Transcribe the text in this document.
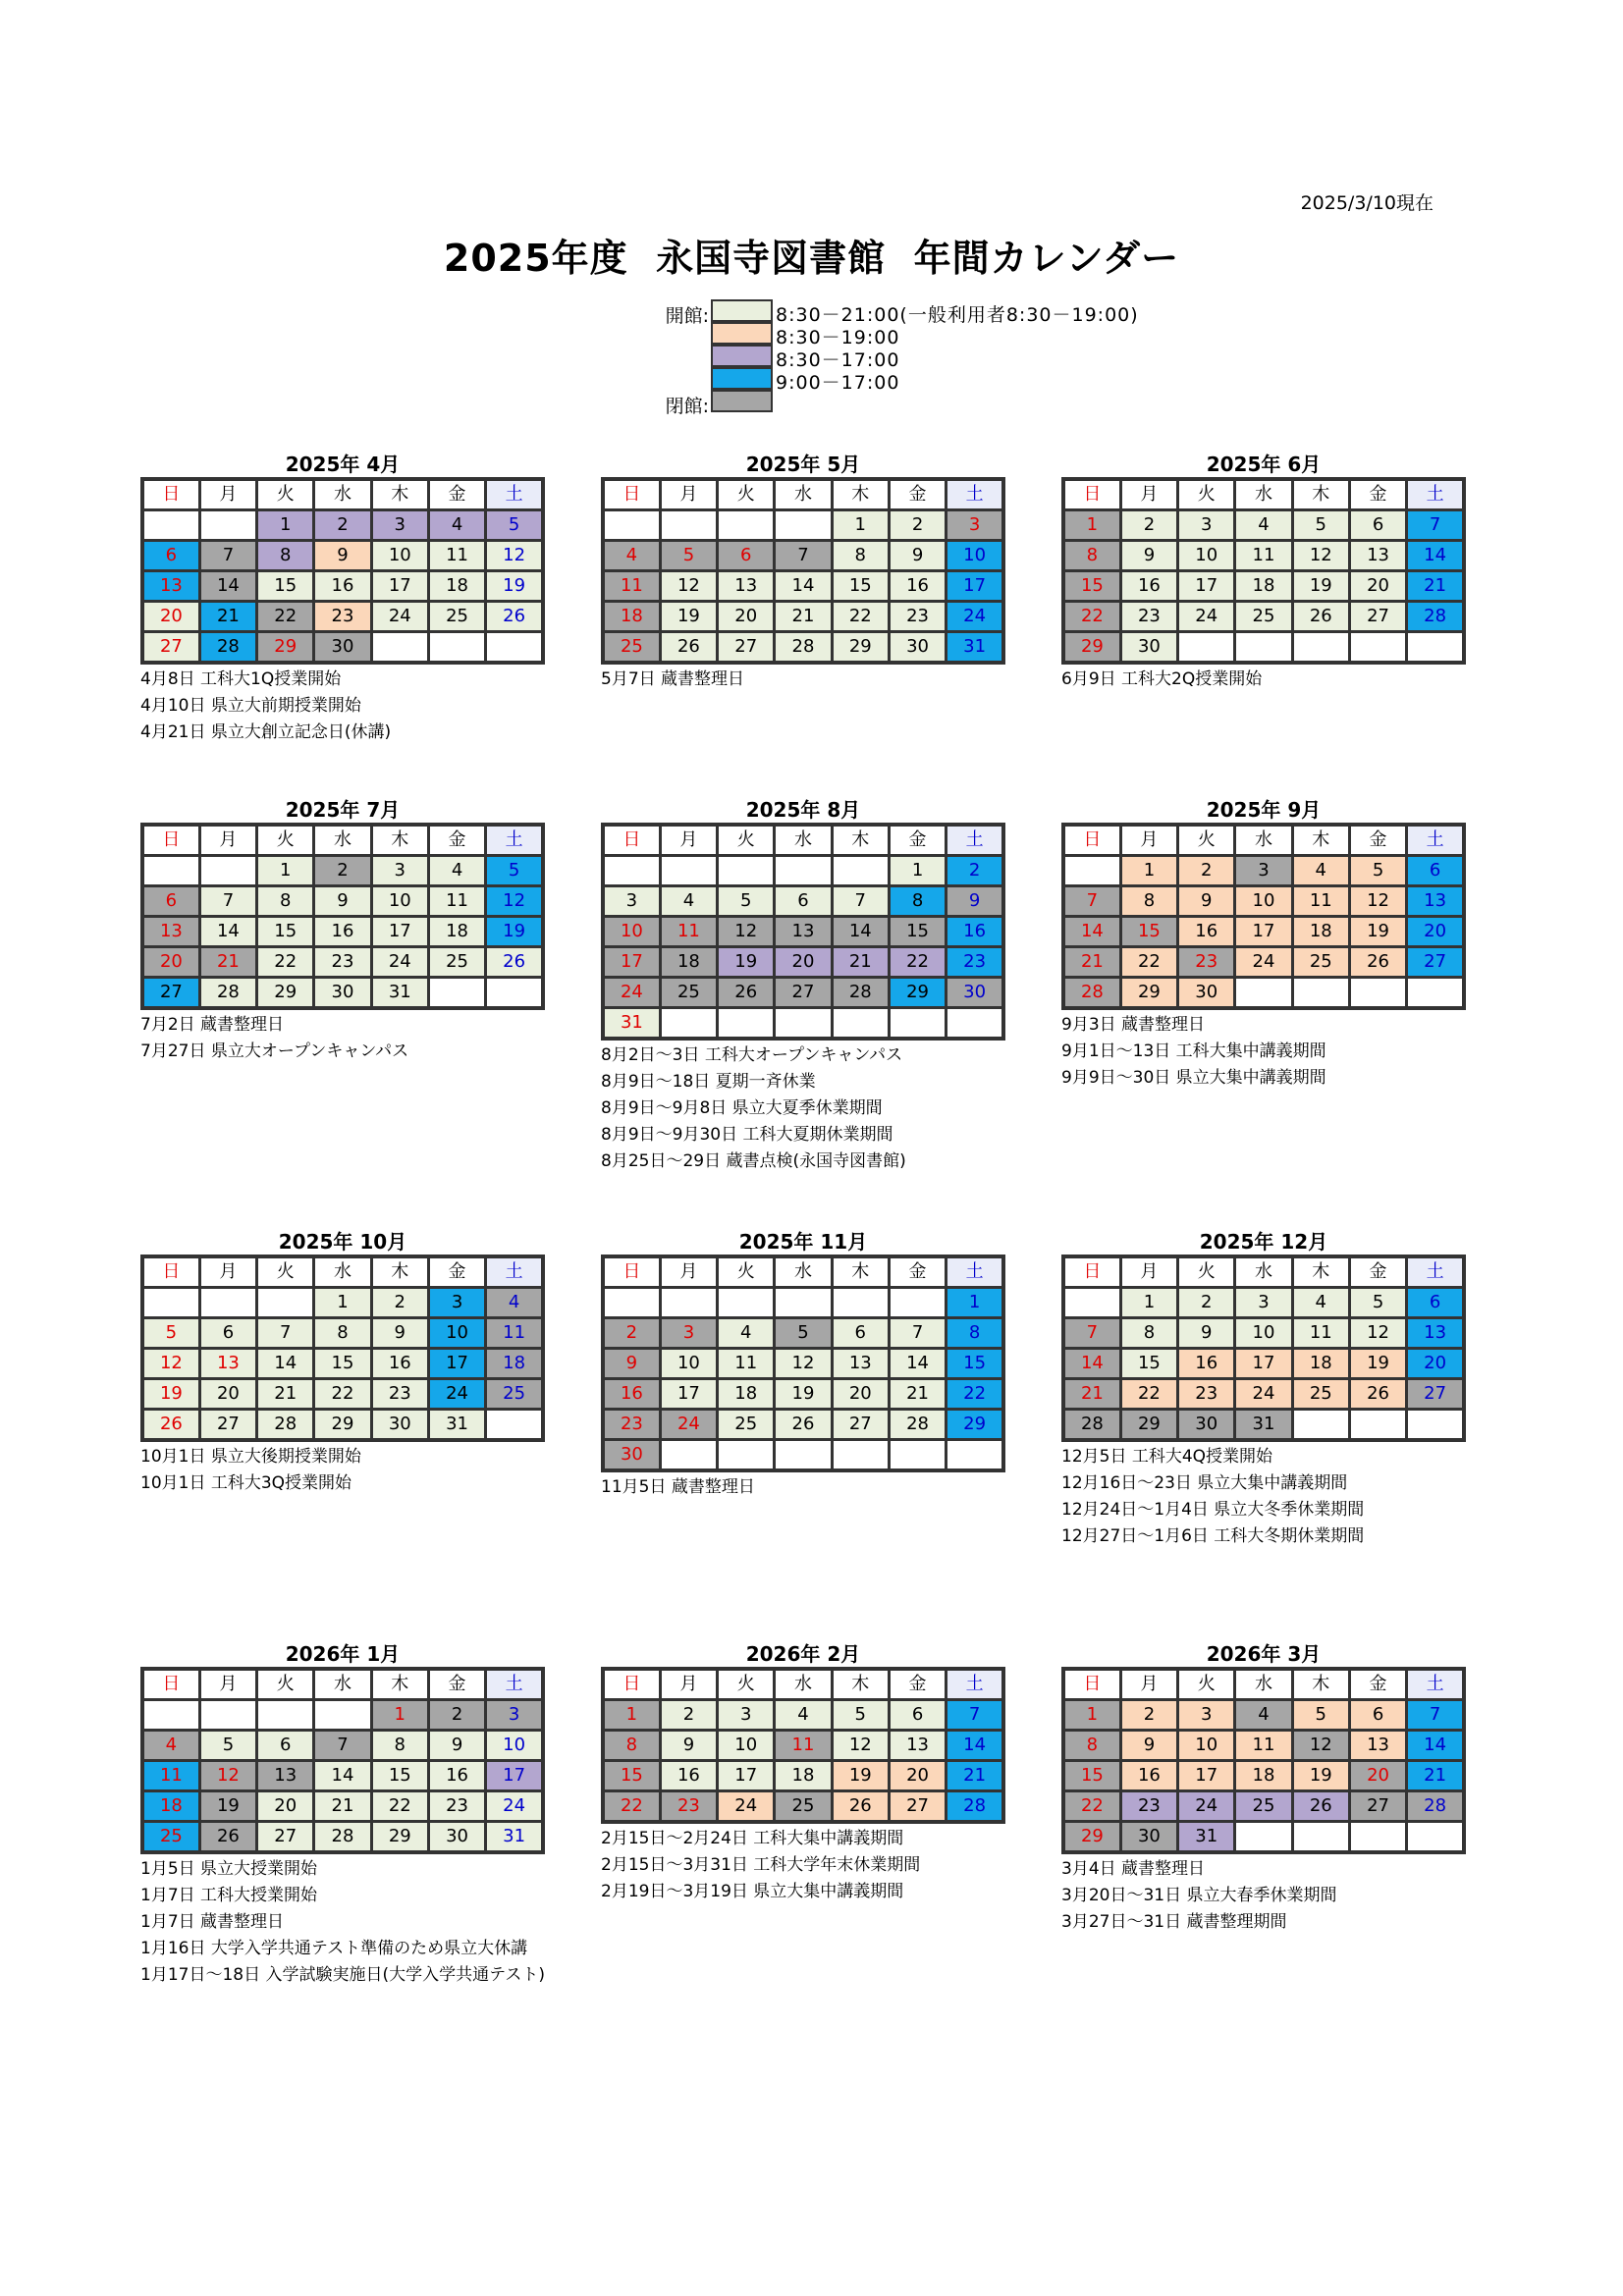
2025/3/10現在
2025年度  永国寺図書館  年間カレンダー
開館:	8:30－21:00(一般利用者8:30－19:00)
8:30－19:00
8:30－17:00
9:00－17:00
閉館:
2025年 4月
日	月	火	水	木	金	土
		1	2	3	4	5
6	7	8	9	10	11	12
13	14	15	16	17	18	19
20	21	22	23	24	25	26
27	28	29	30			
4月8日 工科大1Q授業開始
4月10日 県立大前期授業開始
4月21日 県立大創立記念日(休講)
2025年 5月
日	月	火	水	木	金	土
				1	2	3
4	5	6	7	8	9	10
11	12	13	14	15	16	17
18	19	20	21	22	23	24
25	26	27	28	29	30	31
5月7日 蔵書整理日
2025年 6月
日	月	火	水	木	金	土
1	2	3	4	5	6	7
8	9	10	11	12	13	14
15	16	17	18	19	20	21
22	23	24	25	26	27	28
29	30					
6月9日 工科大2Q授業開始
2025年 7月
日	月	火	水	木	金	土
		1	2	3	4	5
6	7	8	9	10	11	12
13	14	15	16	17	18	19
20	21	22	23	24	25	26
27	28	29	30	31		
7月2日 蔵書整理日
7月27日 県立大オープンキャンパス
2025年 8月
日	月	火	水	木	金	土
					1	2
3	4	5	6	7	8	9
10	11	12	13	14	15	16
17	18	19	20	21	22	23
24	25	26	27	28	29	30
31						
8月2日～3日 工科大オープンキャンパス
8月9日～18日 夏期一斉休業
8月9日～9月8日 県立大夏季休業期間
8月9日～9月30日 工科大夏期休業期間
8月25日～29日 蔵書点検(永国寺図書館)
2025年 9月
日	月	火	水	木	金	土
	1	2	3	4	5	6
7	8	9	10	11	12	13
14	15	16	17	18	19	20
21	22	23	24	25	26	27
28	29	30				
9月3日 蔵書整理日
9月1日～13日 工科大集中講義期間
9月9日～30日 県立大集中講義期間
2025年 10月
日	月	火	水	木	金	土
			1	2	3	4
5	6	7	8	9	10	11
12	13	14	15	16	17	18
19	20	21	22	23	24	25
26	27	28	29	30	31	
10月1日 県立大後期授業開始
10月1日 工科大3Q授業開始
2025年 11月
日	月	火	水	木	金	土
						1
2	3	4	5	6	7	8
9	10	11	12	13	14	15
16	17	18	19	20	21	22
23	24	25	26	27	28	29
30						
11月5日 蔵書整理日
2025年 12月
日	月	火	水	木	金	土
	1	2	3	4	5	6
7	8	9	10	11	12	13
14	15	16	17	18	19	20
21	22	23	24	25	26	27
28	29	30	31			
12月5日 工科大4Q授業開始
12月16日～23日 県立大集中講義期間
12月24日～1月4日 県立大冬季休業期間
12月27日～1月6日 工科大冬期休業期間
2026年 1月
日	月	火	水	木	金	土
				1	2	3
4	5	6	7	8	9	10
11	12	13	14	15	16	17
18	19	20	21	22	23	24
25	26	27	28	29	30	31
1月5日 県立大授業開始
1月7日 工科大授業開始
1月7日 蔵書整理日
1月16日 大学入学共通テスト準備のため県立大休講
1月17日～18日 入学試験実施日(大学入学共通テスト)
2026年 2月
日	月	火	水	木	金	土
1	2	3	4	5	6	7
8	9	10	11	12	13	14
15	16	17	18	19	20	21
22	23	24	25	26	27	28
2月15日～2月24日 工科大集中講義期間
2月15日～3月31日 工科大学年末休業期間
2月19日～3月19日 県立大集中講義期間
2026年 3月
日	月	火	水	木	金	土
1	2	3	4	5	6	7
8	9	10	11	12	13	14
15	16	17	18	19	20	21
22	23	24	25	26	27	28
29	30	31				
3月4日 蔵書整理日
3月20日～31日 県立大春季休業期間
3月27日～31日 蔵書整理期間
